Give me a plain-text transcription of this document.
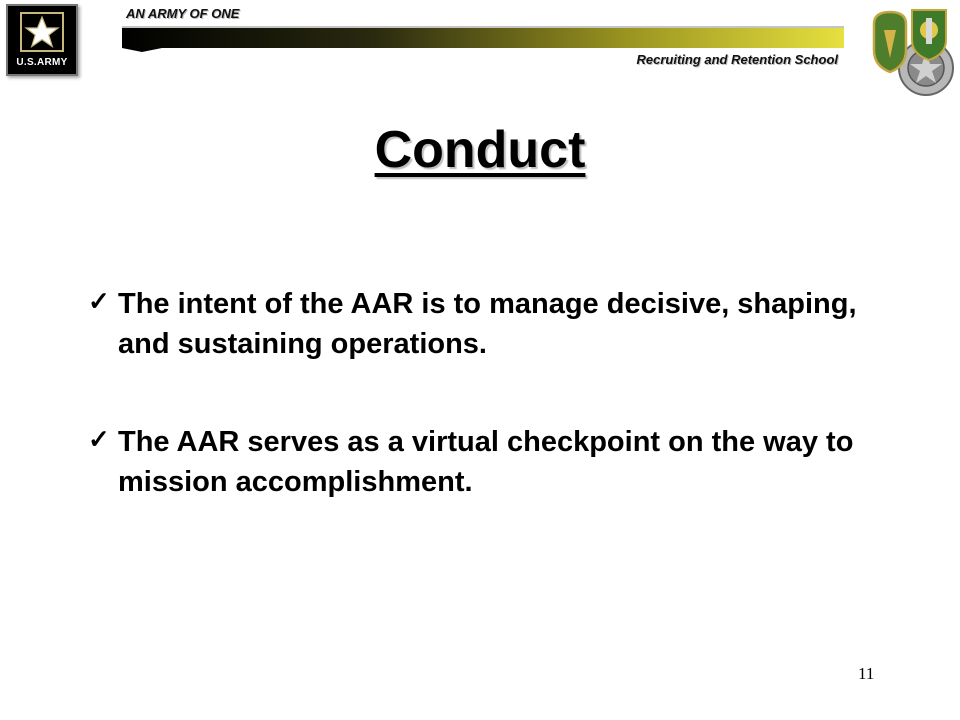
U.S.ARMY
AN ARMY OF ONE
Recruiting and Retention School
Conduct
✓ The intent of the AAR is to manage decisive, shaping, and sustaining operations.
✓ The AAR serves as a virtual checkpoint on the way to mission accomplishment.
11
